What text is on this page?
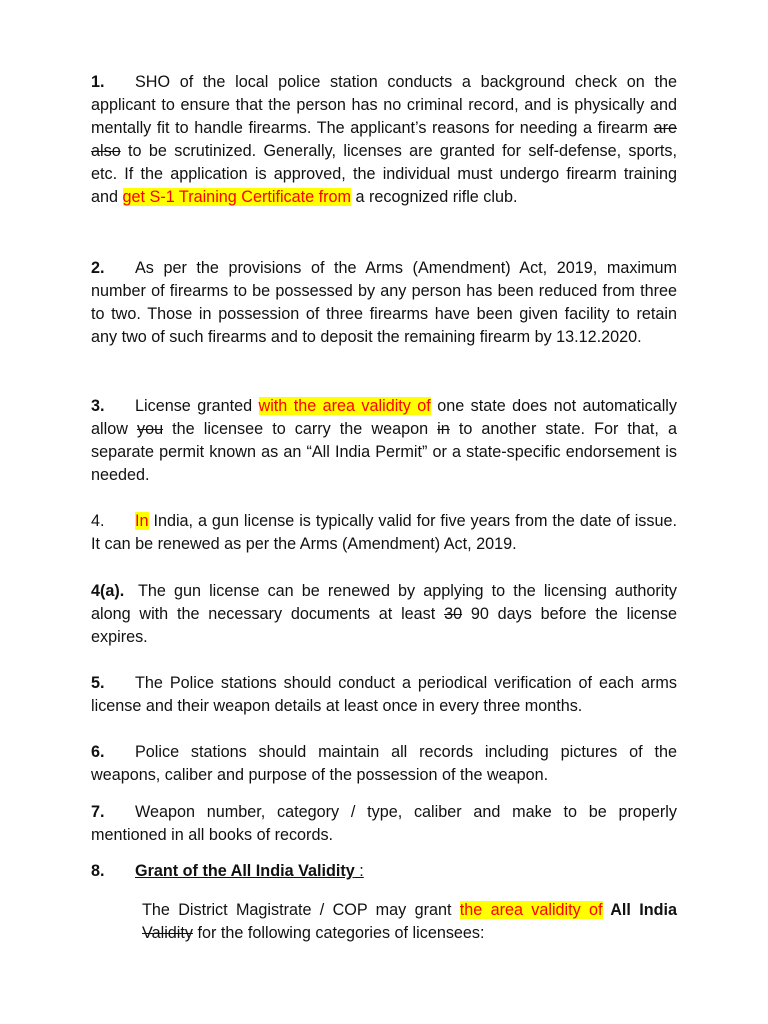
1. SHO of the local police station conducts a background check on the applicant to ensure that the person has no criminal record, and is physically and mentally fit to handle firearms. The applicant’s reasons for needing a firearm are also to be scrutinized. Generally, licenses are granted for self-defense, sports, etc. If the application is approved, the individual must undergo firearm training and get S-1 Training Certificate from a recognized rifle club.

2. As per the provisions of the Arms (Amendment) Act, 2019, maximum number of firearms to be possessed by any person has been reduced from three to two. Those in possession of three firearms have been given facility to retain any two of such firearms and to deposit the remaining firearm by 13.12.2020.

3. License granted with the area validity of one state does not automatically allow you the licensee to carry the weapon in to another state. For that, a separate permit known as an “All India Permit” or a state-specific endorsement is needed.

4. In India, a gun license is typically valid for five years from the date of issue. It can be renewed as per the Arms (Amendment) Act, 2019.

4(a). The gun license can be renewed by applying to the licensing authority along with the necessary documents at least 30 90 days before the license expires.

5. The Police stations should conduct a periodical verification of each arms license and their weapon details at least once in every three months.

6. Police stations should maintain all records including pictures of the weapons, caliber and purpose of the possession of the weapon.

7. Weapon number, category / type, caliber and make to be properly mentioned in all books of records.

8. Grant of the All India Validity :

The District Magistrate / COP may grant the area validity of All India Validity for the following categories of licensees:
